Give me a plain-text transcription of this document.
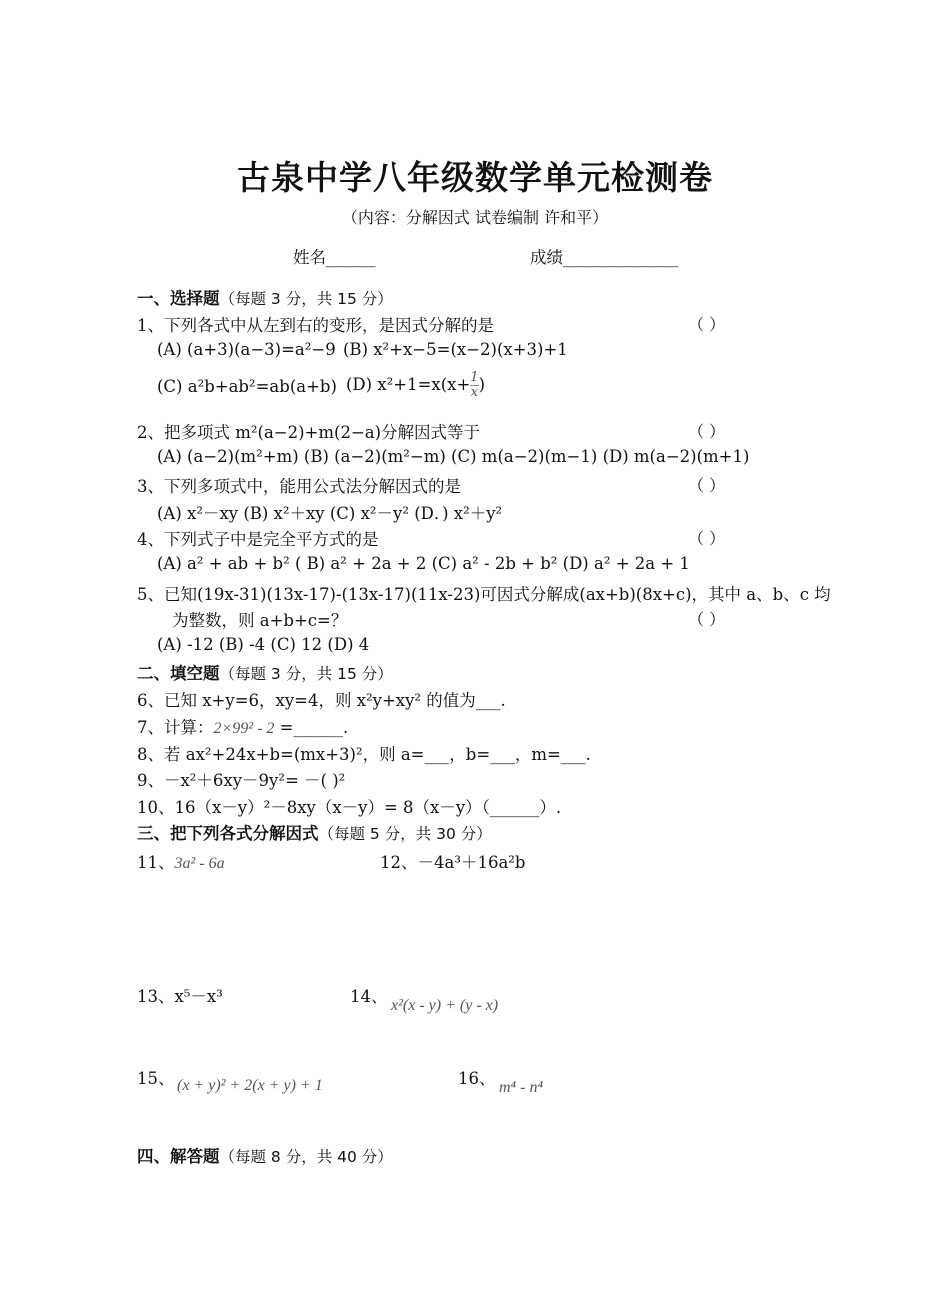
古泉中学八年级数学单元检测卷
（内容：分解因式 试卷编制 许和平）
姓名______	成绩______________
一、选择题（每题 3 分，共 15 分）
1、下列各式中从左到右的变形，是因式分解的是	（ ）
(A) (a+3)(a−3)=a²−9 (B) x²+x−5=(x−2)(x+3)+1
(C) a²b+ab²=ab(a+b) (D) $x^2+1=x(x+ \frac{1}{x}$ )
2、把多项式 m²(a−2)+m(2−a)分解因式等于	（ ）
(A) (a−2)(m²+m) (B) (a−2)(m²−m) (C) m(a−2)(m−1) (D) m(a−2)(m+1)
3、下列多项式中，能用公式法分解因式的是	（ ）
(A) x²－xy (B) x²＋xy (C) x²－y² (D．) x²＋y²
4、下列式子中是完全平方式的是	（ ）
(A) a² + ab + b² ( B) a² + 2a + 2 (C) a² - 2b + b² (D) a² + 2a + 1
5、已知(19x-31)(13x-17)-(13x-17)(11x-23)可因式分解成(ax+b)(8x+c)，其中 a、b、c 均
为整数，则 a+b+c=？	（ ）
(A) -12 (B) -4 (C) 12 (D) 4
二、填空题（每题 3 分，共 15 分）
6、已知 x+y=6，xy=4，则 x²y+xy² 的值为___.
7、计算：2×99² - 2 =______.
8、若 ax²+24x+b=(mx+3)²，则 a=___，b=___，m=___.
9、－x²＋6xy－9y²= －( )²
10、16（x－y）²－8xy（x－y）= 8（x－y）（______）.
三、把下列各式分解因式（每题 5 分，共 30 分）
11、3a² - 6a	12、－4a³＋16a²b
13、x⁵－x³	14、 x²(x - y) + (y - x)
15、 (x + y)² + 2(x + y) + 1	16、 m⁴ - n⁴
四、解答题（每题 8 分，共 40 分）
